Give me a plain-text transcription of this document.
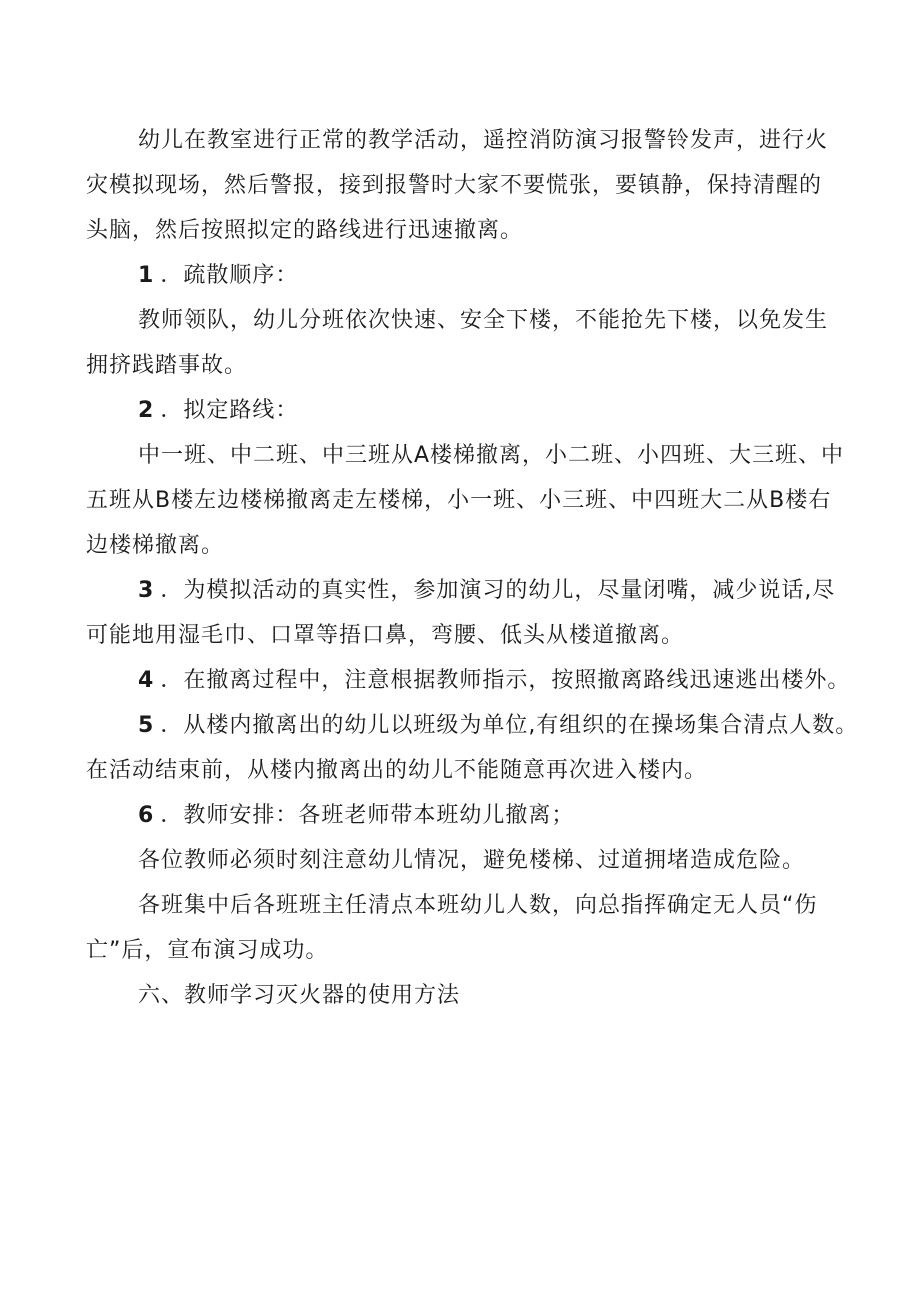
幼儿在教室进行正常的教学活动，遥控消防演习报警铃发声，进行火
灾模拟现场，然后警报，接到报警时大家不要慌张，要镇静，保持清醒的
头脑，然后按照拟定的路线进行迅速撤离。
1 ．疏散顺序：
教师领队，幼儿分班依次快速、安全下楼，不能抢先下楼，以免发生
拥挤践踏事故。
2 ．拟定路线：
中一班、中二班、中三班从A楼梯撤离，小二班、小四班、大三班、中
五班从B楼左边楼梯撤离走左楼梯，小一班、小三班、中四班大二从B楼右
边楼梯撤离。
3 ．为模拟活动的真实性，参加演习的幼儿，尽量闭嘴，减少说话,尽
可能地用湿毛巾、口罩等捂口鼻，弯腰、低头从楼道撤离。
4 ．在撤离过程中，注意根据教师指示，按照撤离路线迅速逃出楼外。
5 ．从楼内撤离出的幼儿以班级为单位,有组织的在操场集合清点人数。
在活动结束前，从楼内撤离出的幼儿不能随意再次进入楼内。
6 ．教师安排：各班老师带本班幼儿撤离；
各位教师必须时刻注意幼儿情况，避免楼梯、过道拥堵造成危险。
各班集中后各班班主任清点本班幼儿人数，向总指挥确定无人员“伤
亡”后，宣布演习成功。
六、教师学习灭火器的使用方法
